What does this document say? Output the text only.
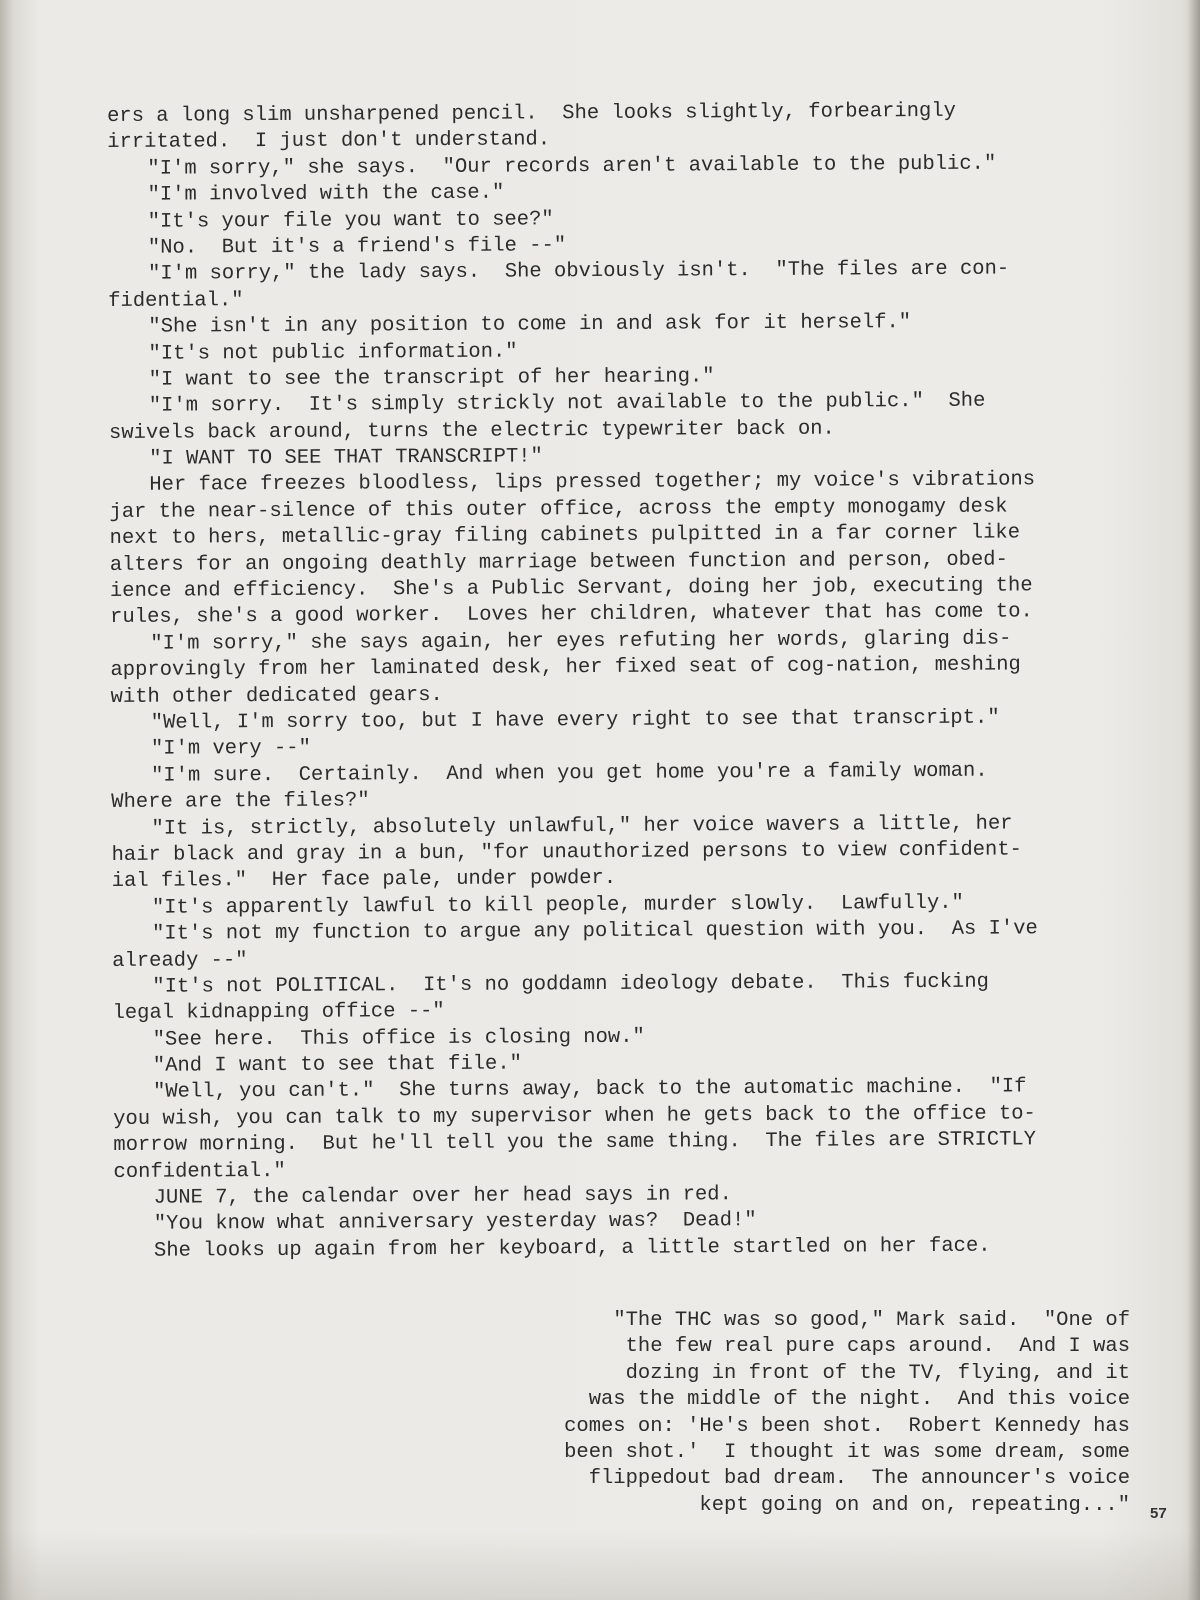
ers a long slim unsharpened pencil.  She looks slightly, forbearingly
irritated.  I just don't understand.
"I'm sorry," she says.  "Our records aren't available to the public."
"I'm involved with the case."
"It's your file you want to see?"
"No.  But it's a friend's file --"
"I'm sorry," the lady says.  She obviously isn't.  "The files are con-
fidential."
"She isn't in any position to come in and ask for it herself."
"It's not public information."
"I want to see the transcript of her hearing."
"I'm sorry.  It's simply strickly not available to the public."  She
swivels back around, turns the electric typewriter back on.
"I WANT TO SEE THAT TRANSCRIPT!"
Her face freezes bloodless, lips pressed together; my voice's vibrations
jar the near-silence of this outer office, across the empty monogamy desk
next to hers, metallic-gray filing cabinets pulpitted in a far corner like
alters for an ongoing deathly marriage between function and person, obed-
ience and efficiency.  She's a Public Servant, doing her job, executing the
rules, she's a good worker.  Loves her children, whatever that has come to.
"I'm sorry," she says again, her eyes refuting her words, glaring dis-
approvingly from her laminated desk, her fixed seat of cog-nation, meshing
with other dedicated gears.
"Well, I'm sorry too, but I have every right to see that transcript."
"I'm very --"
"I'm sure.  Certainly.  And when you get home you're a family woman.
Where are the files?"
"It is, strictly, absolutely unlawful," her voice wavers a little, her
hair black and gray in a bun, "for unauthorized persons to view confident-
ial files."  Her face pale, under powder.
"It's apparently lawful to kill people, murder slowly.  Lawfully."
"It's not my function to argue any political question with you.  As I've
already --"
"It's not POLITICAL.  It's no goddamn ideology debate.  This fucking
legal kidnapping office --"
"See here.  This office is closing now."
"And I want to see that file."
"Well, you can't."  She turns away, back to the automatic machine.  "If
you wish, you can talk to my supervisor when he gets back to the office to-
morrow morning.  But he'll tell you the same thing.  The files are STRICTLY
confidential."
JUNE 7, the calendar over her head says in red.
"You know what anniversary yesterday was?  Dead!"
She looks up again from her keyboard, a little startled on her face.
"The THC was so good," Mark said.  "One of
the few real pure caps around.  And I was
dozing in front of the TV, flying, and it
was the middle of the night.  And this voice
comes on: 'He's been shot.  Robert Kennedy has
been shot.'  I thought it was some dream, some
flippedout bad dream.  The announcer's voice
kept going on and on, repeating..." 57
